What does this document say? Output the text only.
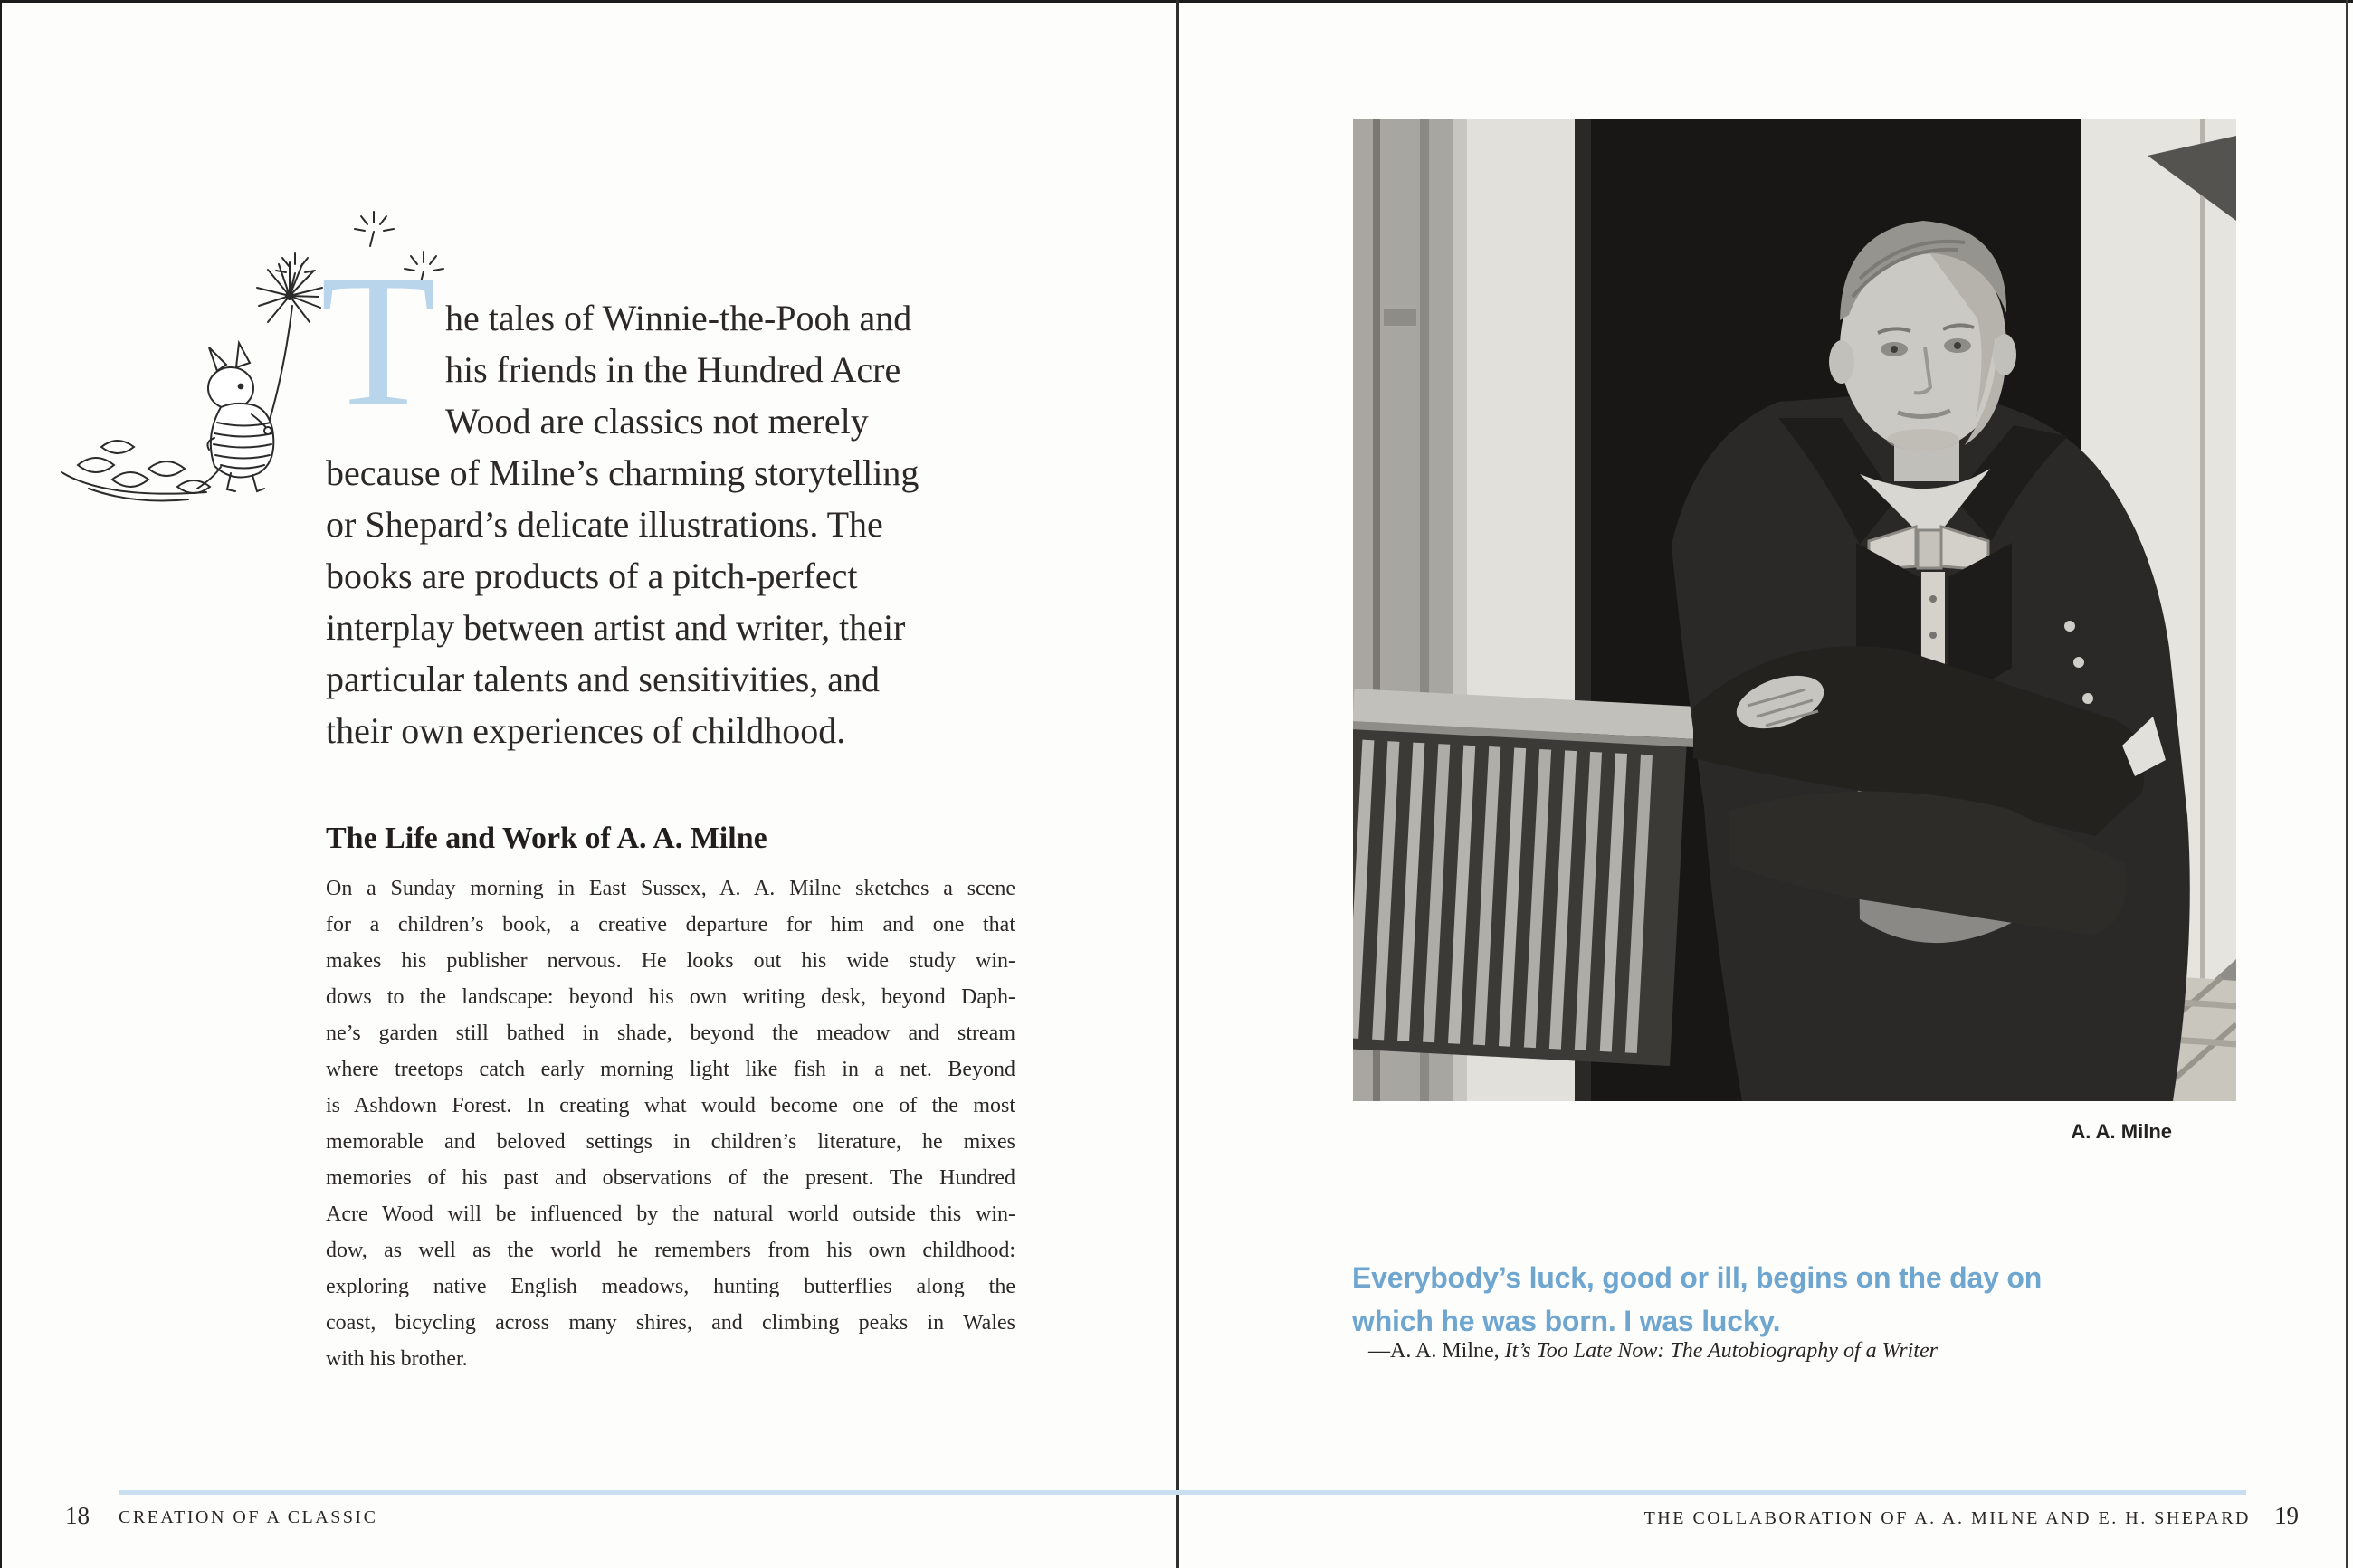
T he tales of Winnie-the-Pooh and
his friends in the Hundred Acre
Wood are classics not merely
because of Milne’s charming storytelling
or Shepard’s delicate illustrations. The
books are products of a pitch-perfect
interplay between artist and writer, their
particular talents and sensitivities, and
their own experiences of childhood.
The Life and Work of A. A. Milne
On a Sunday morning in East Sussex, A. A. Milne sketches a scene
for a children’s book, a creative departure for him and one that
makes his publisher nervous. He looks out his wide study win-
dows to the landscape: beyond his own writing desk, beyond Daph-
ne’s garden still bathed in shade, beyond the meadow and stream
where treetops catch early morning light like fish in a net. Beyond
is Ashdown Forest. In creating what would become one of the most
memorable and beloved settings in children’s literature, he mixes
memories of his past and observations of the present. The Hundred
Acre Wood will be influenced by the natural world outside this win-
dow, as well as the world he remembers from his own childhood:
exploring native English meadows, hunting butterflies along the
coast, bicycling across many shires, and climbing peaks in Wales
with his brother.
18 CREATION OF A CLASSIC
A. A. Milne
Everybody’s luck, good or ill, begins on the day on
which he was born. I was lucky.
—A. A. Milne, It’s Too Late Now: The Autobiography of a Writer
THE COLLABORATION OF A. A. MILNE AND E. H. SHEPARD 19
